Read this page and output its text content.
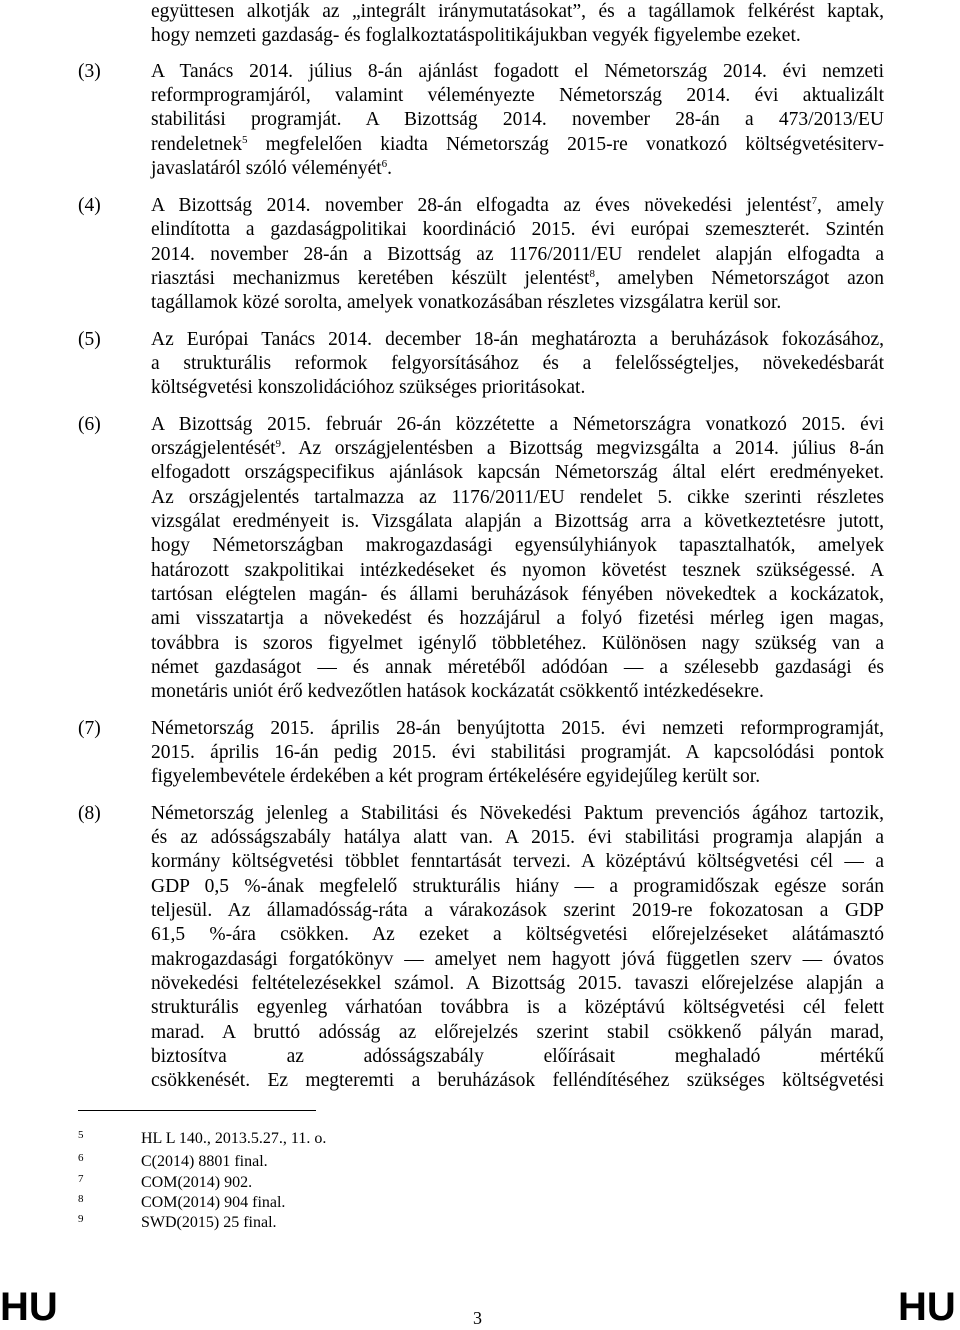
együttesen alkotják az „integrált iránymutatásokat”, és a tagállamok felkérést kaptak,
hogy nemzeti gazdaság- és foglalkoztatáspolitikájukban vegyék figyelembe ezeket.
(3)	A Tanács 2014. július 8-án ajánlást fogadott el Németország 2014. évi nemzeti
reformprogramjáról, valamint véleményezte Németország 2014. évi aktualizált
stabilitási programját. A Bizottság 2014. november 28-án a 473/2013/EU
rendeletnek$^5$ megfelelően kiadta Németország 2015-re vonatkozó költségvetésiterv-
javaslatáról szóló véleményét$^6$.
(4)	A Bizottság 2014. november 28-án elfogadta az éves növekedési jelentést$^7$, amely
elindította a gazdaságpolitikai koordináció 2015. évi európai szemeszterét. Szintén
2014. november 28-án a Bizottság az 1176/2011/EU rendelet alapján elfogadta a
riasztási mechanizmus keretében készült jelentést$^8$, amelyben Németországot azon
tagállamok közé sorolta, amelyek vonatkozásában részletes vizsgálatra kerül sor.
(5)	Az Európai Tanács 2014. december 18-án meghatározta a beruházások fokozásához,
a strukturális reformok felgyorsításához és a felelősségteljes, növekedésbarát
költségvetési konszolidációhoz szükséges prioritásokat.
(6)	A Bizottság 2015. február 26-án közzétette a Németországra vonatkozó 2015. évi
országjelentését$^9$. Az országjelentésben a Bizottság megvizsgálta a 2014. július 8-án
elfogadott országspecifikus ajánlások kapcsán Németország által elért eredményeket.
Az országjelentés tartalmazza az 1176/2011/EU rendelet 5. cikke szerinti részletes
vizsgálat eredményeit is. Vizsgálata alapján a Bizottság arra a következtetésre jutott,
hogy Németországban makrogazdasági egyensúlyhiányok tapasztalhatók, amelyek
határozott szakpolitikai intézkedéseket és nyomon követést tesznek szükségessé. A
tartósan elégtelen magán- és állami beruházások fényében növekedtek a kockázatok,
ami visszatartja a növekedést és hozzájárul a folyó fizetési mérleg igen magas,
továbbra is szoros figyelmet igénylő többletéhez. Különösen nagy szükség van a
német gazdaságot — és annak méretéből adódóan — a szélesebb gazdasági és
monetáris uniót érő kedvezőtlen hatások kockázatát csökkentő intézkedésekre.
(7)	Németország 2015. április 28-án benyújtotta 2015. évi nemzeti reformprogramját,
2015. április 16-án pedig 2015. évi stabilitási programját. A kapcsolódási pontok
figyelembevétele érdekében a két program értékelésére egyidejűleg került sor.
(8)	Németország jelenleg a Stabilitási és Növekedési Paktum prevenciós ágához tartozik,
és az adósságszabály hatálya alatt van. A 2015. évi stabilitási programja alapján a
kormány költségvetési többlet fenntartását tervezi. A középtávú költségvetési cél — a
GDP 0,5 %-ának megfelelő strukturális hiány — a programidőszak egésze során
teljesül. Az államadósság-ráta a várakozások szerint 2019-re fokozatosan a GDP
61,5 %-ára csökken. Az ezeket a költségvetési előrejelzéseket alátámasztó
makrogazdasági forgatókönyv — amelyet nem hagyott jóvá független szerv — óvatos
növekedési feltételezésekkel számol. A Bizottság 2015. tavaszi előrejelzése alapján a
strukturális egyenleg várhatóan továbbra is a középtávú költségvetési cél felett
marad. A bruttó adósság az előrejelzés szerint stabil csökkenő pályán marad,
biztosítva az adósságszabály előírásait meghaladó mértékű
csökkenését. Ez megteremti a beruházások felléndítéséhez szükséges költségvetési
5	HL L 140., 2013.5.27., 11. o.
6	C(2014) 8801 final.
7	COM(2014) 902.
8	COM(2014) 904 final.
9	SWD(2015) 25 final.
HU	3	HU
